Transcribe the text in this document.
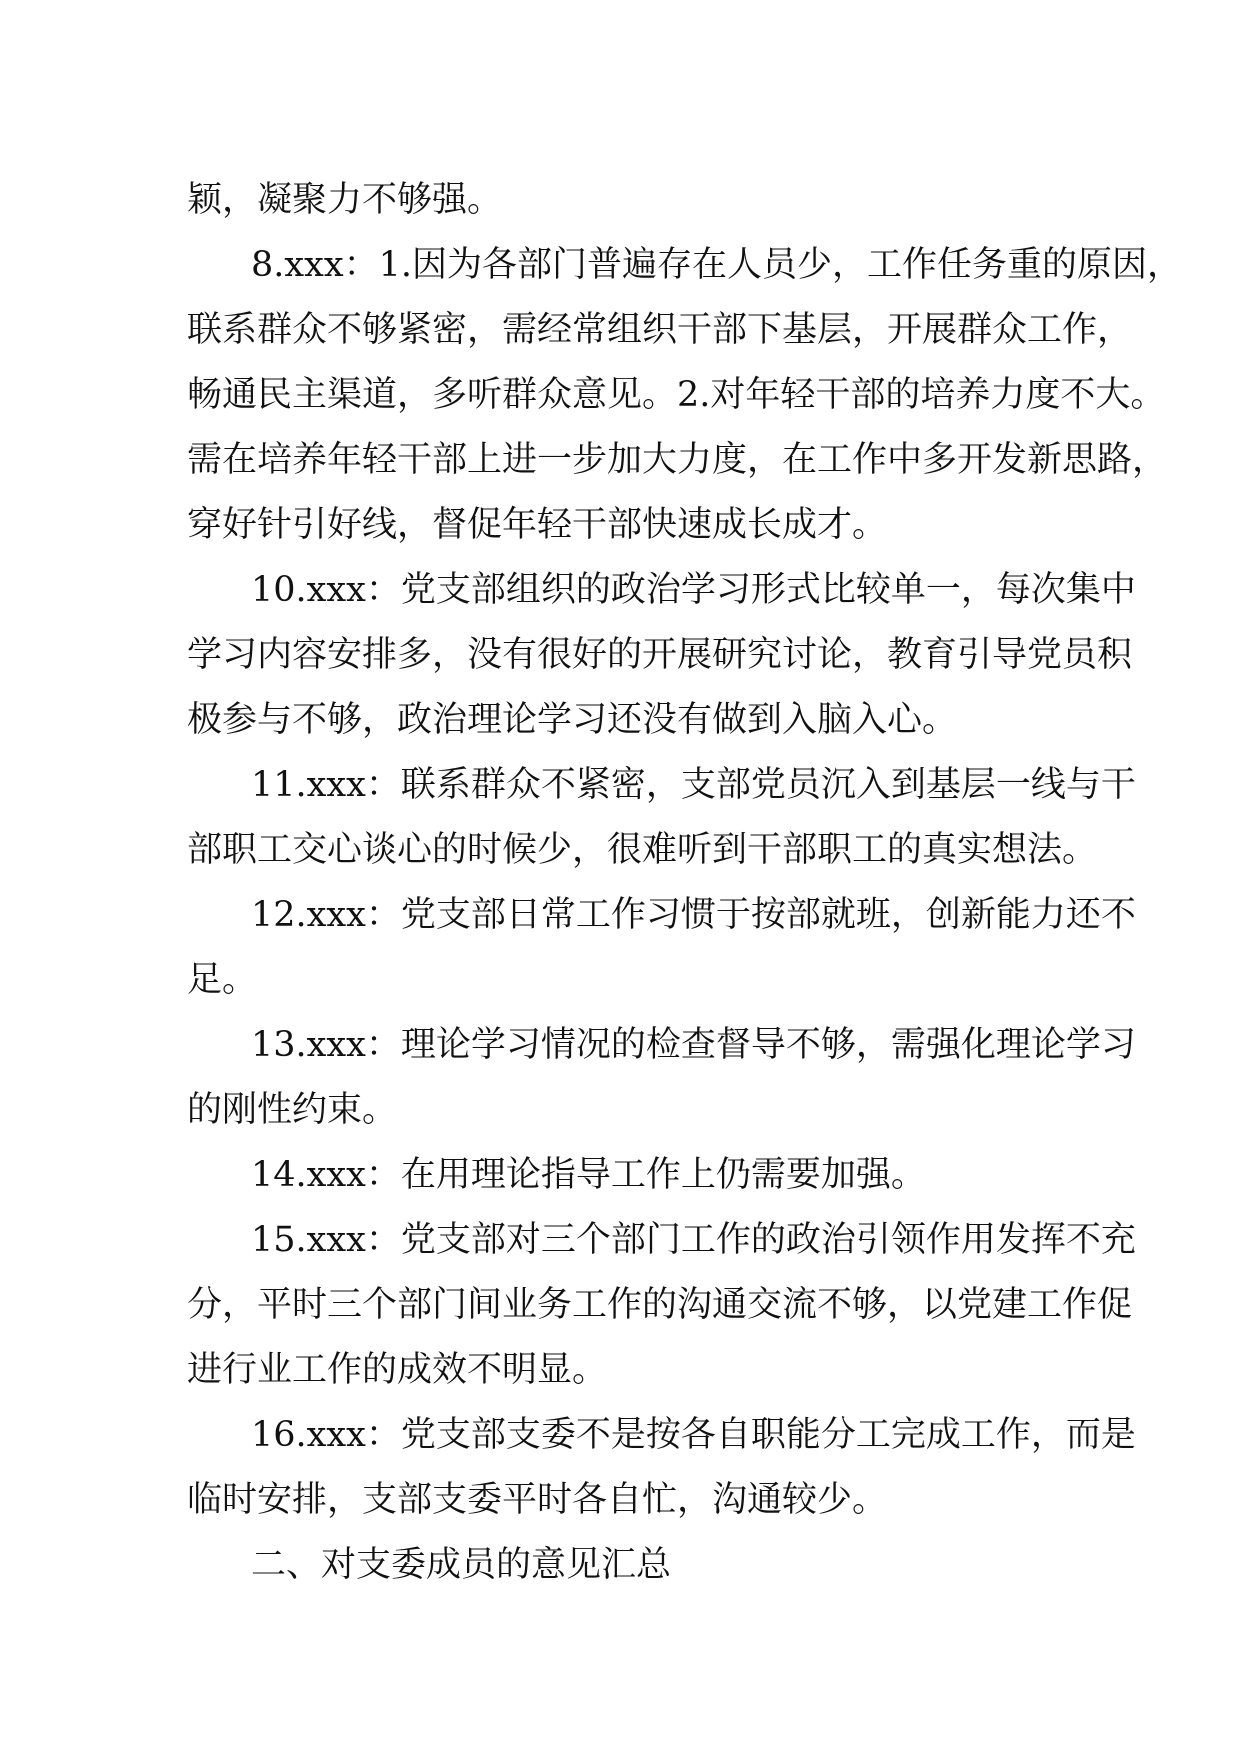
颖，凝聚力不够强。
8.xxx：1.因为各部门普遍存在人员少，工作任务重的原因，
联系群众不够紧密，需经常组织干部下基层，开展群众工作，
畅通民主渠道，多听群众意见。2.对年轻干部的培养力度不大。
需在培养年轻干部上进一步加大力度，在工作中多开发新思路，
穿好针引好线，督促年轻干部快速成长成才。
10.xxx：党支部组织的政治学习形式比较单一，每次集中
学习内容安排多，没有很好的开展研究讨论，教育引导党员积
极参与不够，政治理论学习还没有做到入脑入心。
11.xxx：联系群众不紧密，支部党员沉入到基层一线与干
部职工交心谈心的时候少，很难听到干部职工的真实想法。
12.xxx：党支部日常工作习惯于按部就班，创新能力还不
足。
13.xxx：理论学习情况的检查督导不够，需强化理论学习
的刚性约束。
14.xxx：在用理论指导工作上仍需要加强。
15.xxx：党支部对三个部门工作的政治引领作用发挥不充
分，平时三个部门间业务工作的沟通交流不够，以党建工作促
进行业工作的成效不明显。
16.xxx：党支部支委不是按各自职能分工完成工作，而是
临时安排，支部支委平时各自忙，沟通较少。
二、对支委成员的意见汇总
